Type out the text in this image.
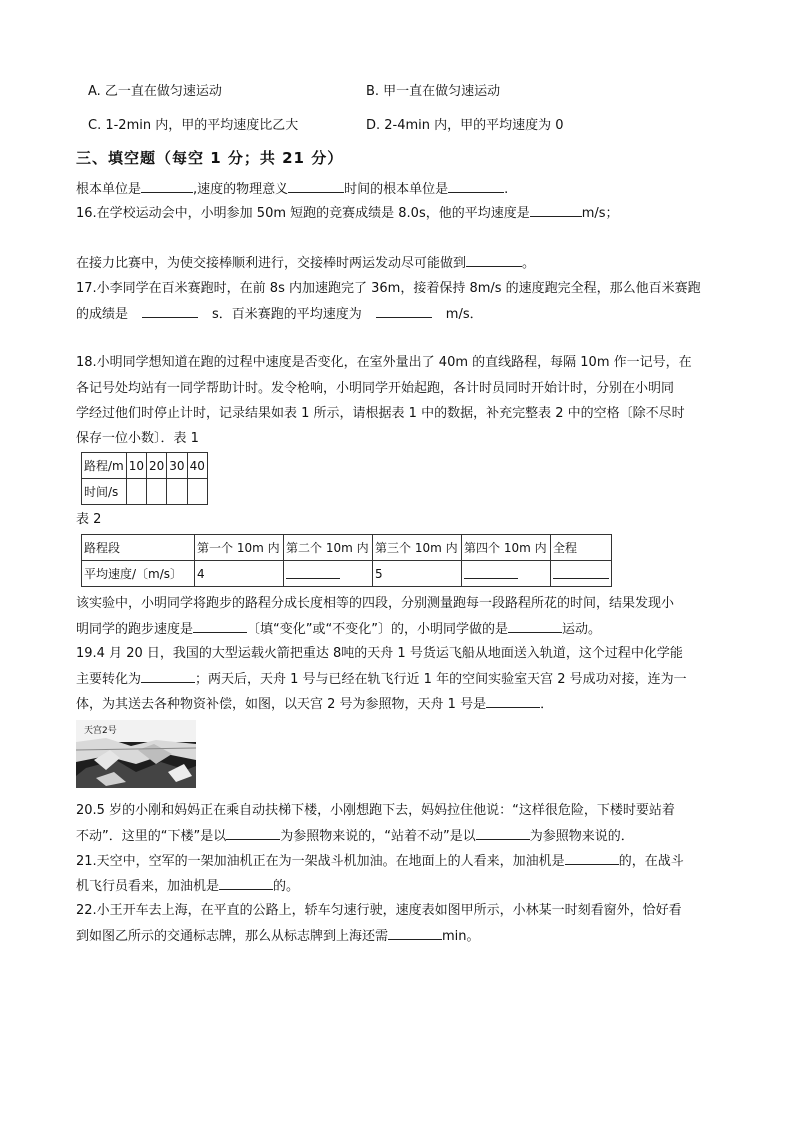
A. 乙一直在做匀速运动	B. 甲一直在做匀速运动
C. 1-2min 内，甲的平均速度比乙大	D. 2-4min 内，甲的平均速度为 0
三、填空题（每空 1 分；共 21 分）
根本单位是	,速度的物理意义	时间的根本单位是	.
16.在学校运动会中，小明参加 50m 短跑的竞赛成绩是 8.0s，他的平均速度是	m/s；
在接力比赛中，为使交接棒顺利进行，交接棒时两运发动尽可能做到	。
17.小李同学在百米赛跑时，在前 8s 内加速跑完了 36m，接着保持 8m/s 的速度跑完全程，那么他百米赛跑
的成绩是	s．百米赛跑的平均速度为	m/s．
18.小明同学想知道在跑的过程中速度是否变化，在室外量出了 40m 的直线路程，每隔 10m 作一记号，在
各记号处均站有一同学帮助计时。发令枪响，小明同学开始起跑，各计时员同时开始计时，分别在小明同
学经过他们时停止计时，记录结果如表 1 所示，请根据表 1 中的数据，补充完整表 2 中的空格〔除不尽时
保存一位小数〕．表 1
路程/m	10	20	30	40
时间/s				
表 2
路程段	第一个 10m 内	第二个 10m 内	第三个 10m 内	第四个 10m 内	全程
平均速度/〔m/s〕	4		5		
该实验中，小明同学将跑步的路程分成长度相等的四段，分别测量跑每一段路程所花的时间，结果发现小
明同学的跑步速度是	〔填“变化”或“不变化”〕的，小明同学做的是	运动。
19.4 月 20 日，我国的大型运载火箭把重达 8吨的天舟 1 号货运飞船从地面送入轨道，这个过程中化学能
主要转化为	；两天后，天舟 1 号与已经在轨飞行近 1 年的空间实验室天宫 2 号成功对接，连为一
体，为其送去各种物资补偿，如图，以天宫 2 号为参照物，天舟 1 号是	．
天宫2号
20.5 岁的小刚和妈妈正在乘自动扶梯下楼，小刚想跑下去，妈妈拉住他说：“这样很危险，下楼时要站着
不动”．这里的“下楼”是以	为参照物来说的，“站着不动”是以	为参照物来说的．
21.天空中，空军的一架加油机正在为一架战斗机加油。在地面上的人看来，加油机是	的，在战斗
机飞行员看来，加油机是	的。
22.小王开车去上海，在平直的公路上，轿车匀速行驶，速度表如图甲所示，小林某一时刻看窗外，恰好看
到如图乙所示的交通标志牌，那么从标志牌到上海还需	min。
